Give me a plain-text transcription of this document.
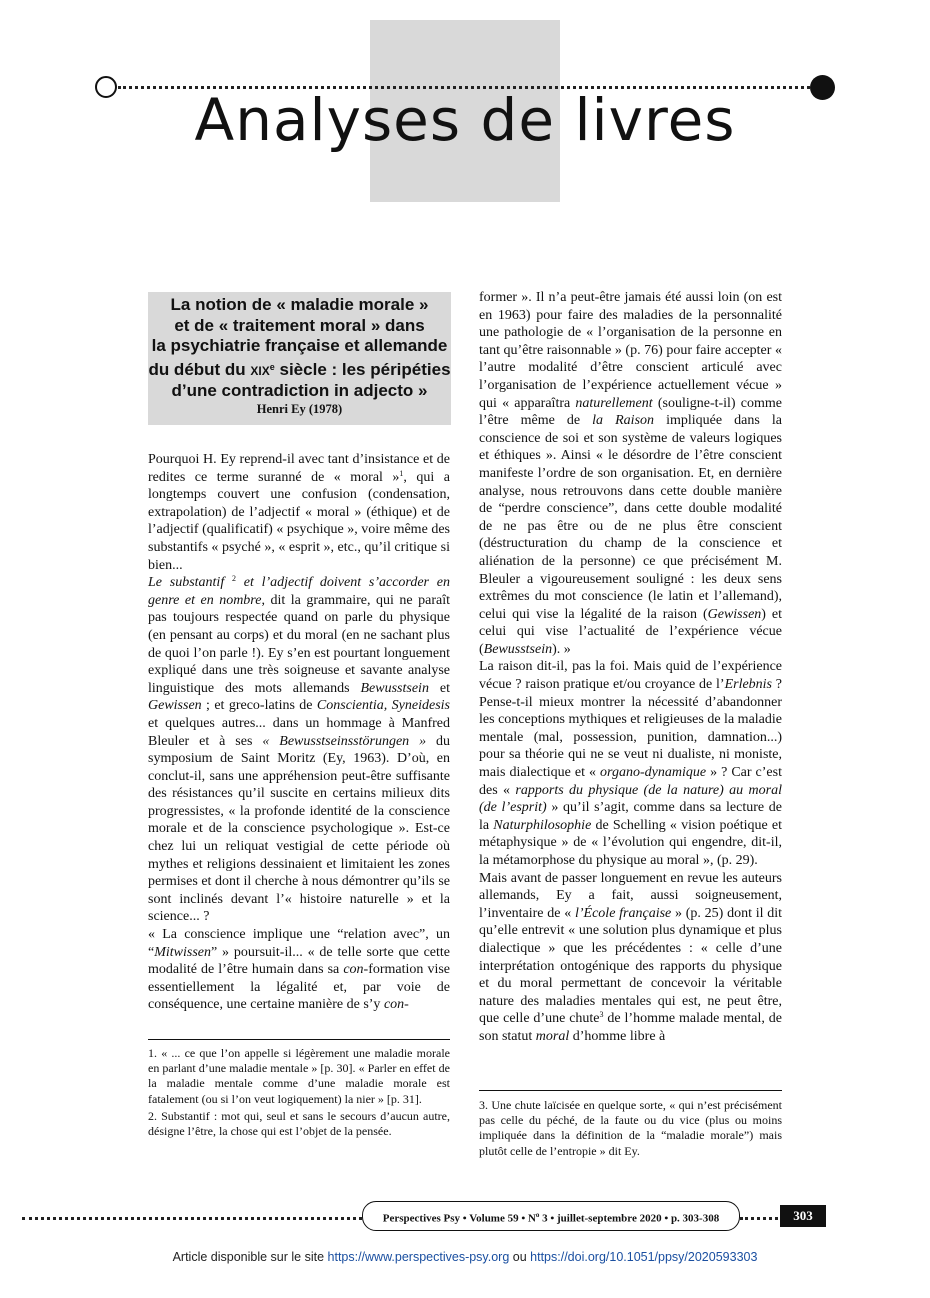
Analyses de livres
La notion de « maladie morale »
et de « traitement moral » dans
la psychiatrie française et allemande
du début du XIXe siècle : les péripéties
d’une contradiction in adjecto »
Henri Ey (1978)

Pourquoi H. Ey reprend-il avec tant d’insistance et de redites ce terme suranné de « moral »$^1$, qui a longtemps couvert une confusion (condensation, extrapolation) de l’adjectif « moral » (éthique) et de l’adjectif (qualificatif) « psychique », voire même des substantifs « psyché », « esprit », etc., qu’il critique si bien...

Le substantif $^2$ et l’adjectif doivent s’accorder en genre et en nombre, dit la grammaire, qui ne paraît pas toujours respectée quand on parle du physique (en pensant au corps) et du moral (en ne sachant plus de quoi l’on parle !). Ey s’en est pourtant longuement expliqué dans une très soigneuse et savante analyse linguistique des mots allemands Bewusstsein et Gewissen ; et greco-latins de Conscientia, Syneidesis et quelques autres... dans un hommage à Manfred Bleuler et à ses « Bewusstseinsstörungen » du symposium de Saint Moritz (Ey, 1963). D’où, en conclut-il, sans une appréhension peut-être suffisante des résistances qu’il suscite en certains milieux dits progressistes, « la profonde identité de la conscience morale et de la conscience psychologique ». Est-ce chez lui un reliquat vestigial de cette période où mythes et religions dessinaient et limitaient les zones permises et dont il cherche à nous démontrer qu’ils se sont inclinés devant l’« histoire naturelle » et la science... ?

« La conscience implique une “relation avec”, un “Mitwissen” » poursuit-il... « de telle sorte que cette modalité de l’être humain dans sa con-formation vise essentiellement la légalité et, par voie de conséquence, une certaine manière de s’y con-

1. « ... ce que l’on appelle si légèrement une maladie morale en parlant d’une maladie mentale » [p. 30]. « Parler en effet de la maladie mentale comme d’une maladie morale est fatalement (ou si l’on veut logiquement) la nier » [p. 31].

2. Substantif : mot qui, seul et sans le secours d’aucun autre, désigne l’être, la chose qui est l’objet de la pensée.

former ». Il n’a peut-être jamais été aussi loin (on est en 1963) pour faire des maladies de la personnalité une pathologie de « l’organisation de la personne en tant qu’être raisonnable » (p. 76) pour faire accepter « l’autre modalité d’être conscient articulé avec l’organisation de l’expérience actuellement vécue » qui « apparaîtra naturellement (souligne-t-il) comme l’être même de la Raison impliquée dans la conscience de soi et son système de valeurs logiques et éthiques ». Ainsi « le désordre de l’être conscient manifeste l’ordre de son organisation. Et, en dernière analyse, nous retrouvons dans cette double manière de “perdre conscience”, dans cette double modalité de ne pas être ou de ne plus être conscient (déstructuration du champ de la conscience et aliénation de la personne) ce que précisément M. Bleuler a vigoureusement souligné : les deux sens extrêmes du mot conscience (le latin et l’allemand), celui qui vise la légalité de la raison (Gewissen) et celui qui vise l’actualité de l’expérience vécue (Bewusstsein). »

La raison dit-il, pas la foi. Mais quid de l’expérience vécue ? raison pratique et/ou croyance de l’Erlebnis ? Pense-t-il mieux montrer la nécessité d’abandonner les conceptions mythiques et religieuses de la maladie mentale (mal, possession, punition, damnation...) pour sa théorie qui ne se veut ni dualiste, ni moniste, mais dialectique et « organo-dynamique » ? Car c’est des « rapports du physique (de la nature) au moral (de l’esprit) » qu’il s’agit, comme dans sa lecture de la Naturphilosophie de Schelling « vision poétique et métaphysique » de « l’évolution qui engendre, dit-il, la métamorphose du physique au moral », (p. 29).

Mais avant de passer longuement en revue les auteurs allemands, Ey a fait, aussi soigneusement, l’inventaire de « l’École française » (p. 25) dont il dit qu’elle entrevit « une solution plus dynamique et plus dialectique » que les précédentes : « celle d’une interprétation ontogénique des rapports du physique et du moral permettant de concevoir la véritable nature des maladies mentales qui est, ne peut être, que celle d’une chute$^3$ de l’homme malade mental, de son statut moral d’homme libre à

3. Une chute laïcisée en quelque sorte, « qui n’est précisément pas celle du péché, de la faute ou du vice (plus ou moins impliquée dans la définition de la “maladie morale”) mais plutôt celle de l’entropie » dit Ey.

Perspectives Psy • Volume 59 • $N^o$ 3 • juillet-septembre 2020 • p. 303-308	303
Article disponible sur le site https://www.perspectives-psy.org ou https://doi.org/10.1051/ppsy/2020593303
